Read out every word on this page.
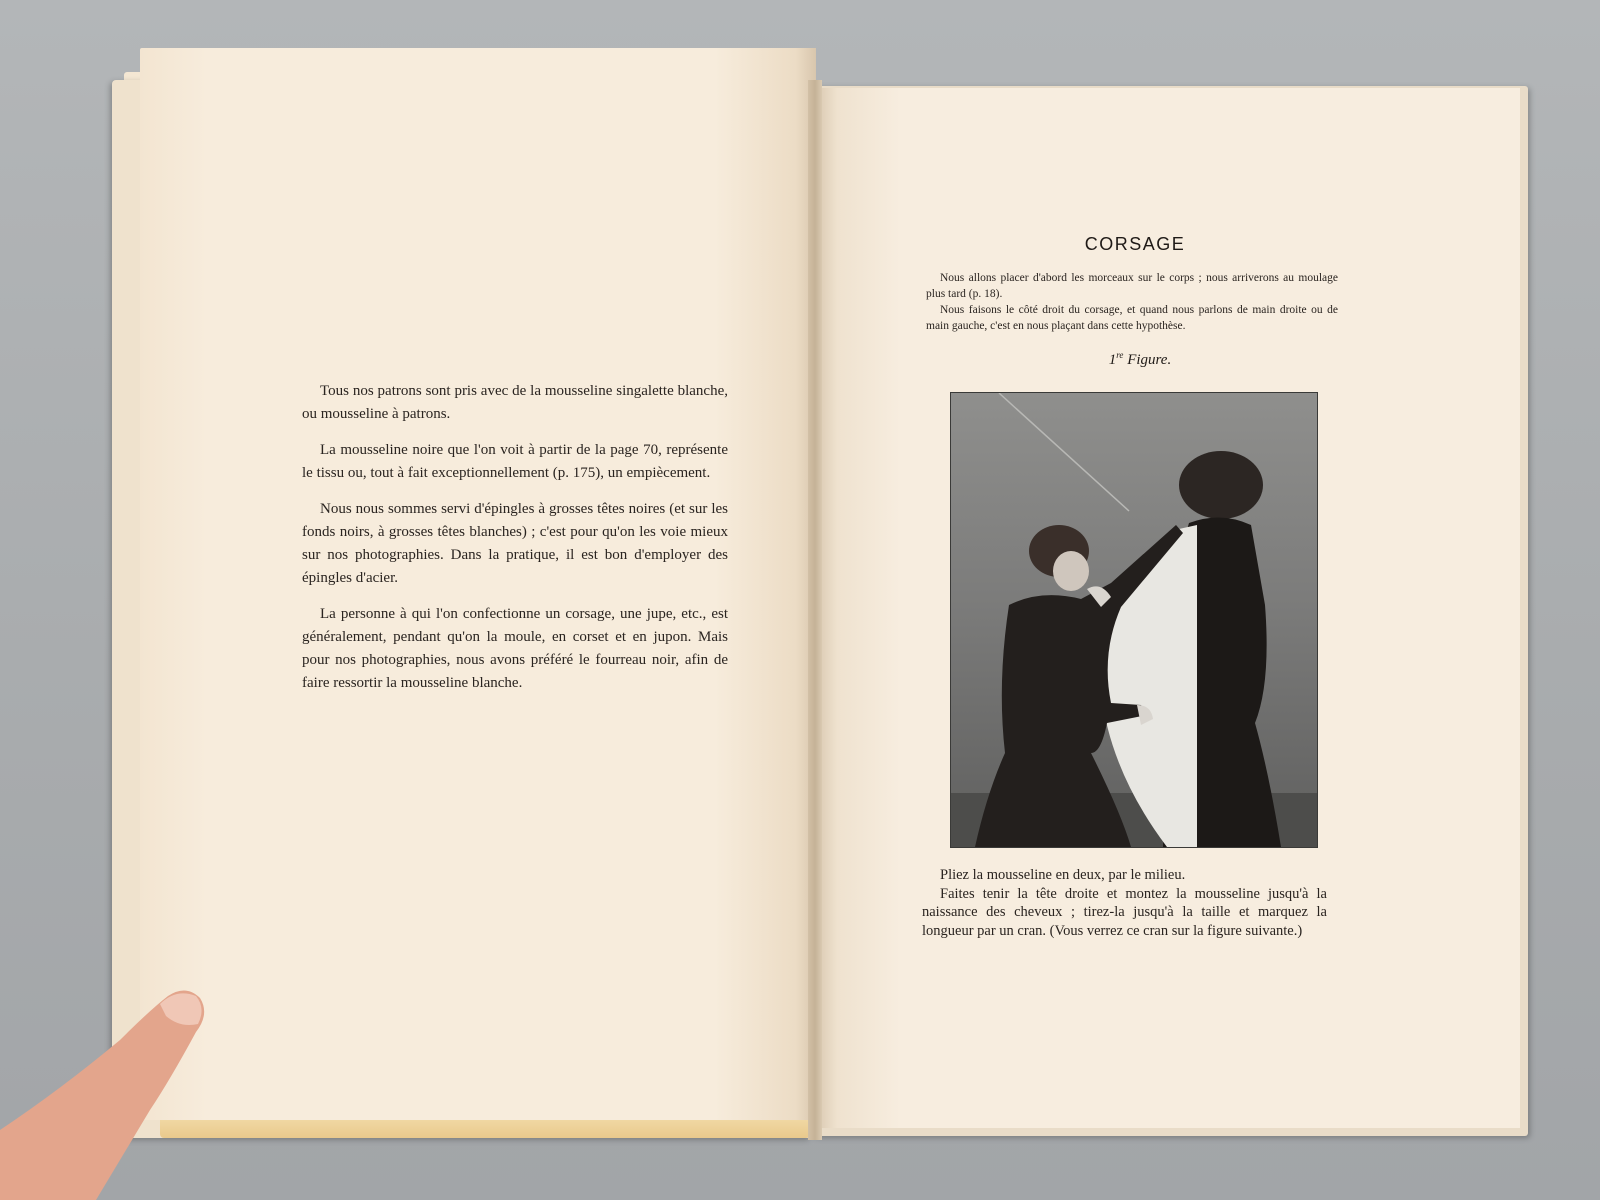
Tous nos patrons sont pris avec de la mousseline singalette blanche, ou mousseline à patrons.

La mousseline noire que l'on voit à partir de la page 70, représente le tissu ou, tout à fait exceptionnellement (p. 175), un empiècement.

Nous nous sommes servi d'épingles à grosses têtes noires (et sur les fonds noirs, à grosses têtes blanches) ; c'est pour qu'on les voie mieux sur nos photographies. Dans la pratique, il est bon d'employer des épingles d'acier.

La personne à qui l'on confectionne un corsage, une jupe, etc., est généralement, pendant qu'on la moule, en corset et en jupon. Mais pour nos photographies, nous avons préféré le fourreau noir, afin de faire ressortir la mousseline blanche.

CORSAGE

Nous allons placer d'abord les morceaux sur le corps ; nous arriverons au moulage plus tard (p. 18).

Nous faisons le côté droit du corsage, et quand nous parlons de main droite ou de main gauche, c'est en nous plaçant dans cette hypothèse.

1re Figure.

Pliez la mousseline en deux, par le milieu.

Faites tenir la tête droite et montez la mousseline jusqu'à la naissance des cheveux ; tirez-la jusqu'à la taille et marquez la longueur par un cran. (Vous verrez ce cran sur la figure suivante.)
